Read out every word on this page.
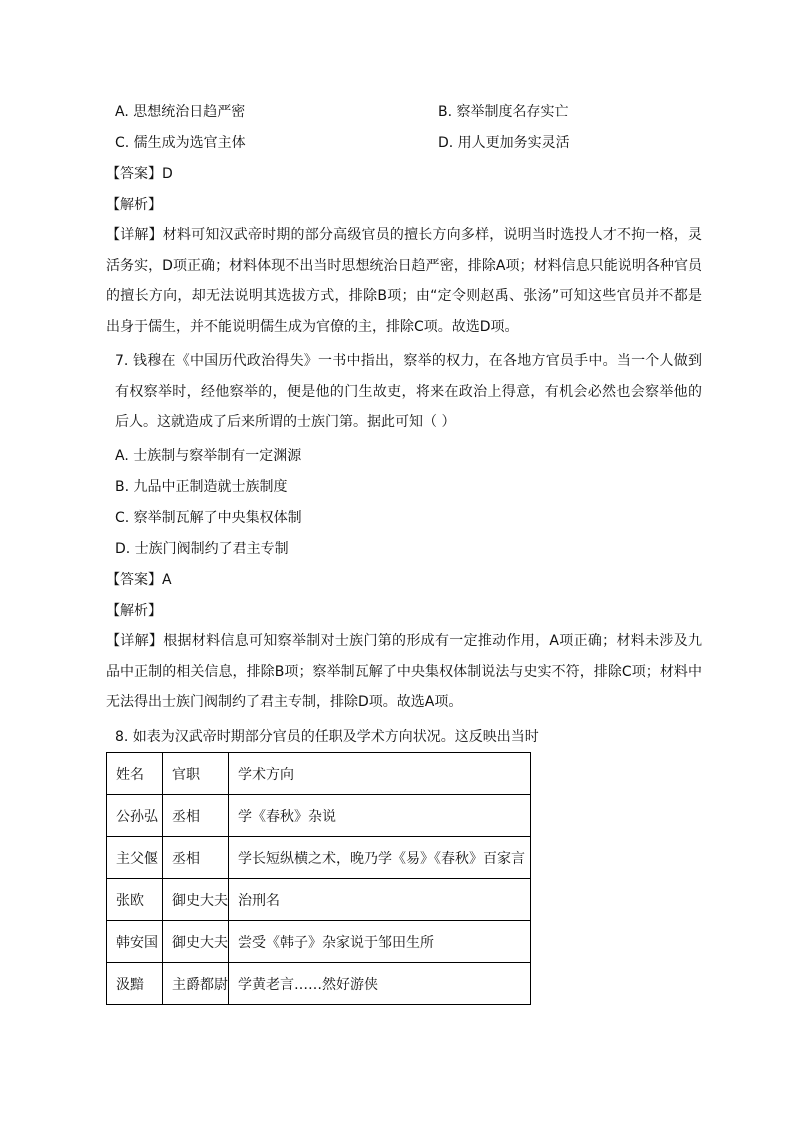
A. 思想统治日趋严密	B. 察举制度名存实亡
C. 儒生成为选官主体	D. 用人更加务实灵活
【答案】D
【解析】
【详解】材料可知汉武帝时期的部分高级官员的擅长方向多样，说明当时选投人才不拘一格，灵活务实，D项正确；材料体现不出当时思想统治日趋严密，排除A项；材料信息只能说明各种官员的擅长方向，却无法说明其选拔方式，排除B项；由“定令则赵禹、张汤”可知这些官员并不都是出身于儒生，并不能说明儒生成为官僚的主，排除C项。故选D项。
7. 钱穆在《中国历代政治得失》一书中指出，察举的权力，在各地方官员手中。当一个人做到有权察举时，经他察举的，便是他的门生故吏，将来在政治上得意，有机会必然也会察举他的后人。这就造成了后来所谓的士族门第。据此可知（ ）
A. 士族制与察举制有一定渊源
B. 九品中正制造就士族制度
C. 察举制瓦解了中央集权体制
D. 士族门阀制约了君主专制
【答案】A
【解析】
【详解】根据材料信息可知察举制对士族门第的形成有一定推动作用，A项正确；材料未涉及九品中正制的相关信息，排除B项；察举制瓦解了中央集权体制说法与史实不符，排除C项；材料中无法得出士族门阀制约了君主专制，排除D项。故选A项。
8. 如表为汉武帝时期部分官员的任职及学术方向状况。这反映出当时
姓名	官职	学术方向
公孙弘	丞相	学《春秋》杂说
主父偃	丞相	学长短纵横之术，晚乃学《易》《春秋》百家言
张欧	御史大夫	治刑名
韩安国	御史大夫	尝受《韩子》杂家说于邹田生所
汲黯	主爵都尉	学黄老言……然好游侠
